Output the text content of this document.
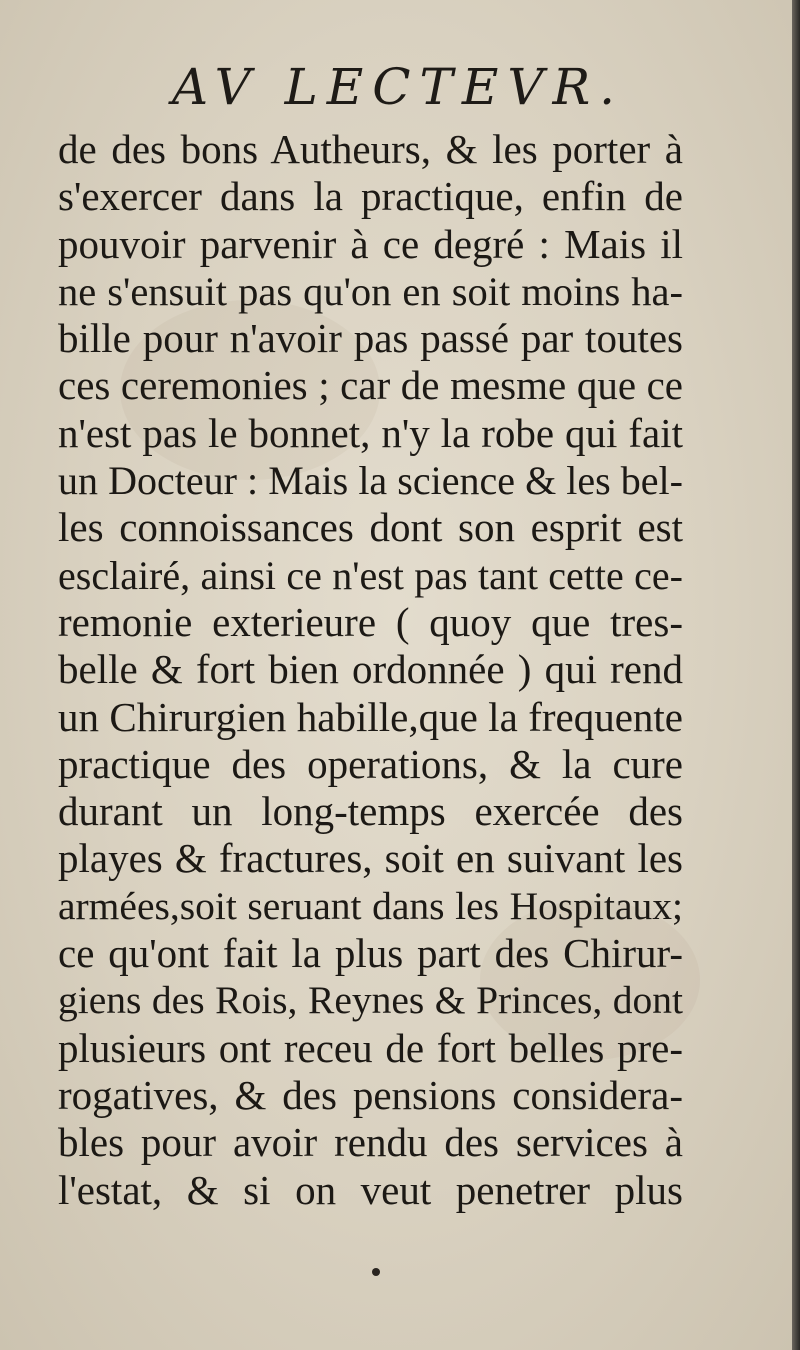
AV LECTEVR.
de des bons Autheurs, & les porter à
s'exercer dans la practique, enfin de
pouvoir parvenir à ce degré : Mais il
ne s'ensuit pas qu'on en soit moins ha-
bille pour n'avoir pas passé par toutes
ces ceremonies ; car de mesme que ce
n'est pas le bonnet, n'y la robe qui fait
un Docteur : Mais la science & les bel-
les connoissances dont son esprit est
esclairé, ainsi ce n'est pas tant cette ce-
remonie exterieure ( quoy que tres-
belle & fort bien ordonnée ) qui rend
un Chirurgien habille,que la frequente
practique des operations, & la cure
durant un long-temps exercée des
playes & fractures, soit en suivant les
armées,soit seruant dans les Hospitaux;
ce qu'ont fait la plus part des Chirur-
giens des Rois, Reynes & Princes, dont
plusieurs ont receu de fort belles pre-
rogatives, & des pensions considera-
bles pour avoir rendu des services à
l'estat, & si on veut penetrer plus
